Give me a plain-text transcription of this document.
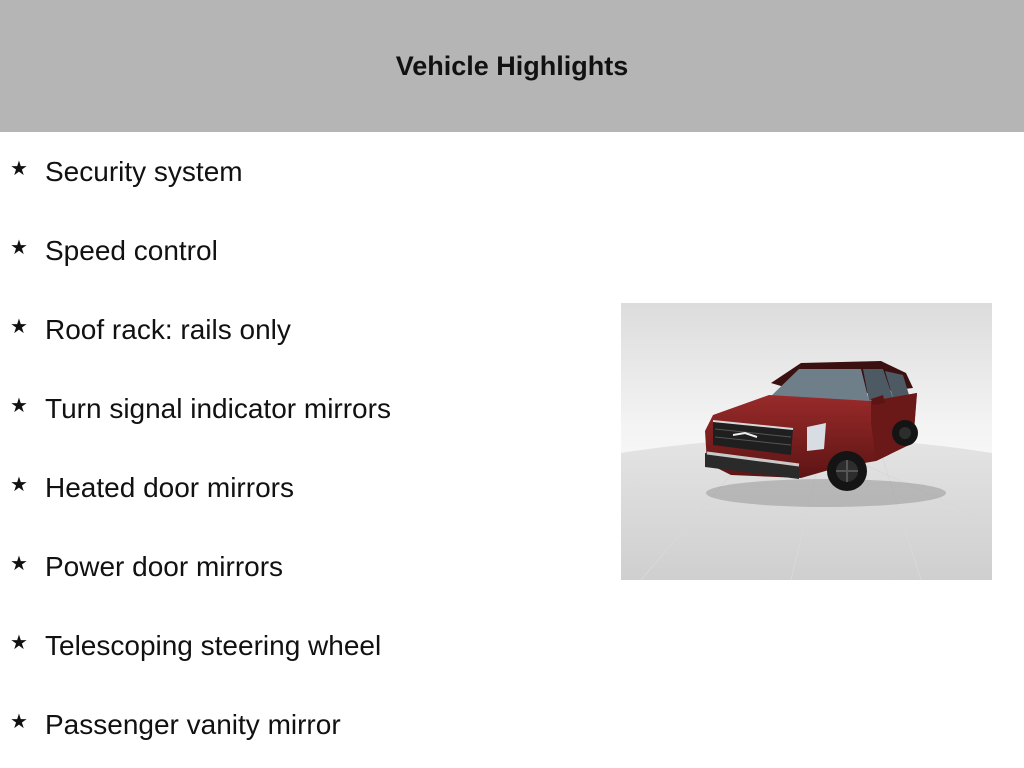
Vehicle Highlights
★ Security system
★ Speed control
★ Roof rack: rails only
★ Turn signal indicator mirrors
★ Heated door mirrors
★ Power door mirrors
★ Telescoping steering wheel
★ Passenger vanity mirror
